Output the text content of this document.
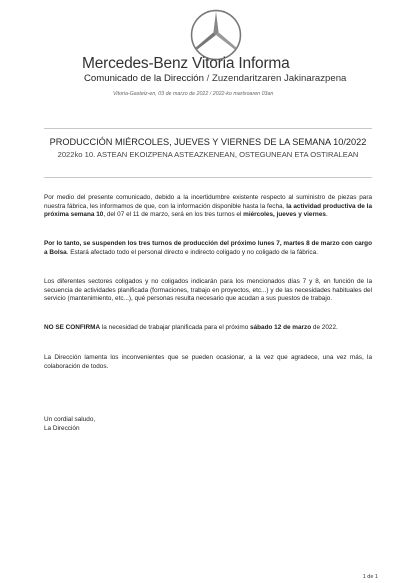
Mercedes-Benz Vitoria Informa
Comunicado de la Dirección / Zuzendaritzaren Jakinarazpena
Vitoria-Gasteiz-en, 03 de marzo de 2022 / 2022-ko martxoaren 03an
PRODUCCIÓN MIÉRCOLES, JUEVES Y VIERNES DE LA SEMANA 10/2022
2022ko 10. ASTEAN EKOIZPENA ASTEAZKENEAN, OSTEGUNEAN ETA OSTIRALEAN
Por medio del presente comunicado, debido a la incertidumbre existente respecto al suministro de piezas para nuestra fábrica, les informamos de que, con la información disponible hasta la fecha, la actividad productiva de la próxima semana 10, del 07 el 11 de marzo, será en los tres turnos el miércoles, jueves y viernes.
Por lo tanto, se suspenden los tres turnos de producción del próximo lunes 7, martes 8 de marzo con cargo a Bolsa. Estará afectado todo el personal directo e indirecto coligado y no coligado de la fábrica.
Los diferentes sectores coligados y no coligados indicarán para los mencionados días 7 y 8, en función de la secuencia de actividades planificada (formaciones, trabajo en proyectos, etc...) y de las necesidades habituales del servicio (mantenimiento, etc...), qué personas resulta necesario que acudan a sus puestos de trabajo.
NO SE CONFIRMA la necesidad de trabajar planificada para el próximo sábado 12 de marzo de 2022.
La Dirección lamenta los inconvenientes que se pueden ocasionar, a la vez que agradece, una vez más, la colaboración de todos.
Un cordial saludo,
La Dirección
1 de 1
